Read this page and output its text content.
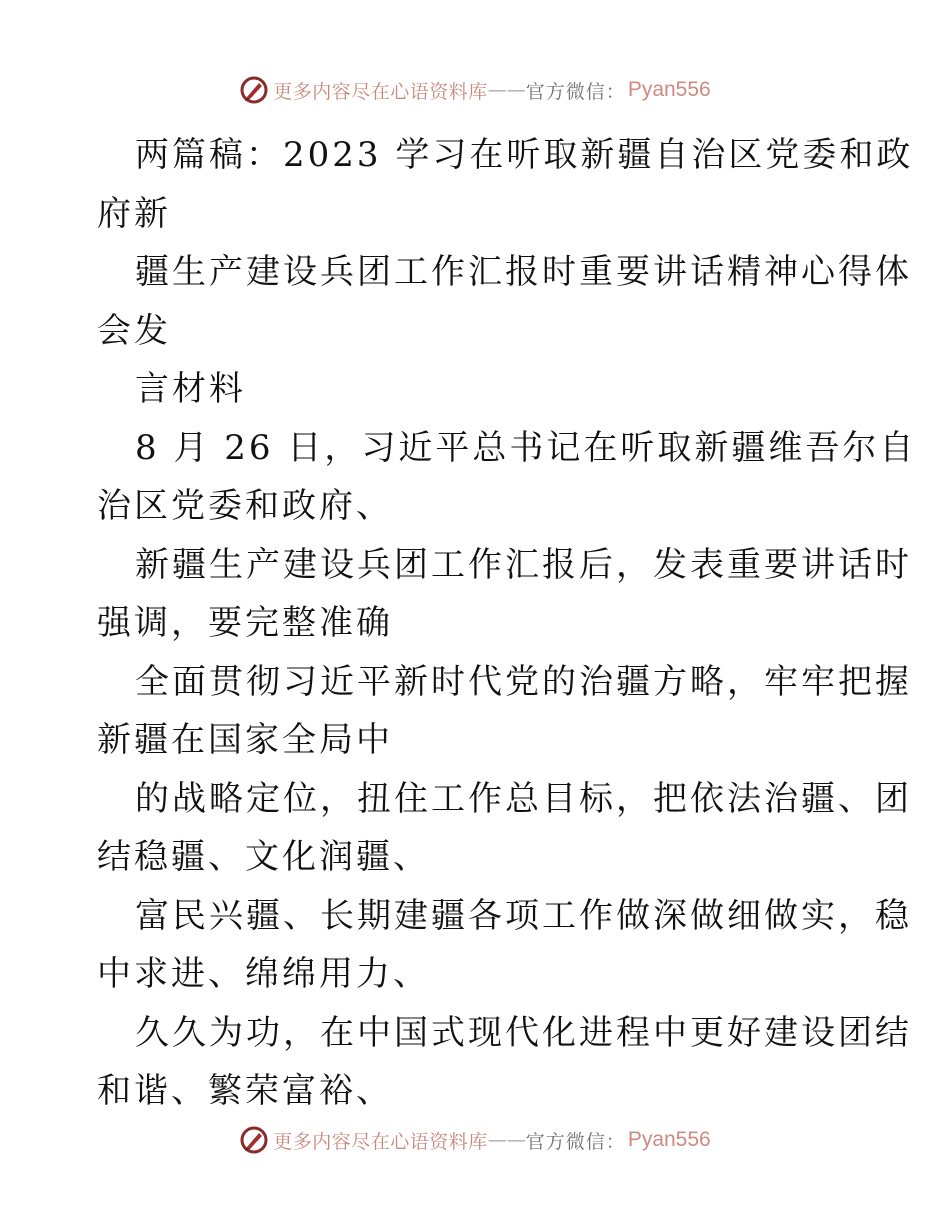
更多内容尽在心语资料库 —— 官方微信： Pyan556
两篇稿：2023 学习在听取新疆自治区党委和政
府新
疆生产建设兵团工作汇报时重要讲话精神心得体
会发
言材料
8 月 26 日，习近平总书记在听取新疆维吾尔自
治区党委和政府、
新疆生产建设兵团工作汇报后，发表重要讲话时
强调，要完整准确
全面贯彻习近平新时代党的治疆方略，牢牢把握
新疆在国家全局中
的战略定位，扭住工作总目标，把依法治疆、团
结稳疆、文化润疆、
富民兴疆、长期建疆各项工作做深做细做实，稳
中求进、绵绵用力、
久久为功，在中国式现代化进程中更好建设团结
和谐、繁荣富裕、
更多内容尽在心语资料库 —— 官方微信： Pyan556
